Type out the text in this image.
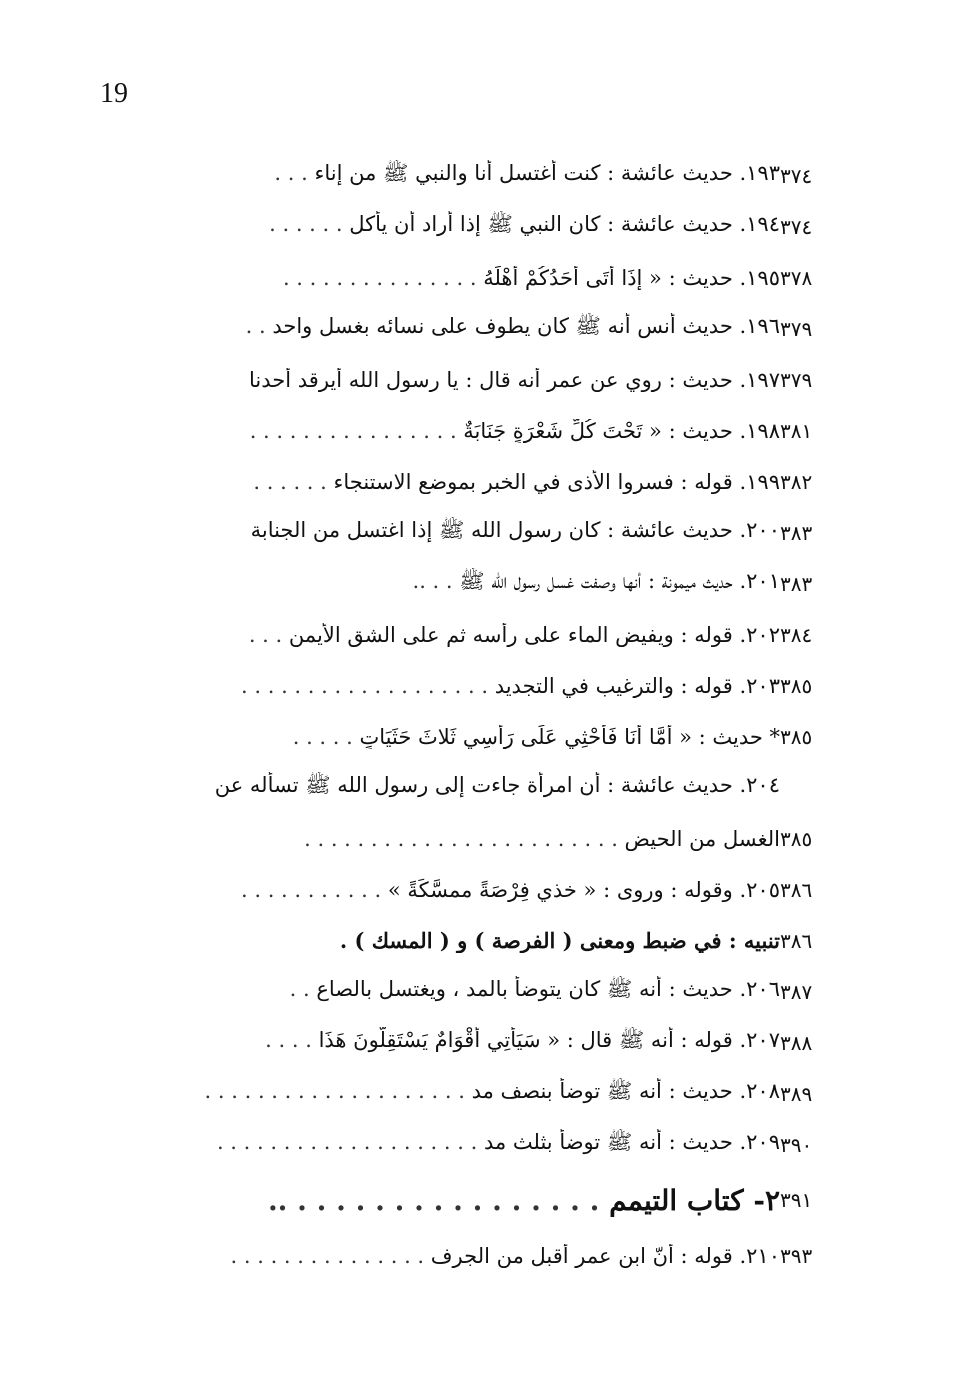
19
١٩٣. حديث عائشة : كنت أغتسل أنا والنبي ﷺ من إناء . . .	٣٧٤
١٩٤. حديث عائشة : كان النبي ﷺ إذا أراد أن يأكل . . . . . .	٣٧٤
١٩٥. حديث : « إِذَا أَتَى أَحَدُكُمْ أَهْلَهُ . . . . . . . . . . . . . . .	٣٧٨
١٩٦. حديث أنس أنه ﷺ كان يطوف على نسائه بغسل واحد . .	٣٧٩
١٩٧. حديث : روي عن عمر أنه قال : يا رسول الله أيرقد أحدنا ٣٧٩
١٩٨. حديث : « تَحْتَ كُلِّ شَعْرَةٍ جَنَابَةٌ . . . . . . . . . . . . . . . .	٣٨١
١٩٩. قوله : فسروا الأذى في الخبر بموضع الاستنجاء . . . . . .	٣٨٢
٢٠٠. حديث عائشة : كان رسول الله ﷺ إذا اغتسل من الجنابة ٣٨٣
٢٠١. حديث ميمونة : أنها وصفت غسل رسول الله ﷺ . . ..	٣٨٣
٢٠٢. قوله : ويفيض الماء على رأسه ثم على الشق الأيمن . . .	٣٨٤
٢٠٣. قوله : والترغيب في التجديد . . . . . . . . . . . . . . . . . . .	٣٨٥
* حديث : « أَمَّا أَنَا فَأَحْثِي عَلَى رَأْسِي ثَلاثَ حَثَيَاتٍ . . . . .	٣٨٥
٢٠٤. حديث عائشة : أن امرأة جاءت إلى رسول الله ﷺ تسأله عن
الغسل من الحيض . . . . . . . . . . . . . . . . . . . . . . . .	٣٨٥
٢٠٥. وقوله : وروى : « خذي فِرْصَةً ممسَّكَةً » . . . . . . . . . . .	٣٨٦
تنبيه : في ضبط ومعنى ( الفرصة ) و ( المسك ) . ٣٨٦
٢٠٦. حديث : أنه ﷺ كان يتوضأ بالمد ، ويغتسل بالصاع . .	٣٨٧
٢٠٧. قوله : أنه ﷺ قال : « سَيَأْتِي أَقْوَامٌ يَسْتَقِلُّونَ هَذَا . . . .	٣٨٨
٢٠٨. حديث : أنه ﷺ توضأ بنصف مد . . . . . . . . . . . . . . . . . . . .	٣٨٩
٢٠٩. حديث : أنه ﷺ توضأ بثلث مد . . . . . . . . . . . . . . . . . . . .	٣٩٠
٢- كتاب التيمم . . . . . . . . . . . . . . . . ..	٣٩١
٢١٠. قوله : أنّ ابن عمر أقبل من الجرف . . . . . . . . . . . . . . .	٣٩٣
